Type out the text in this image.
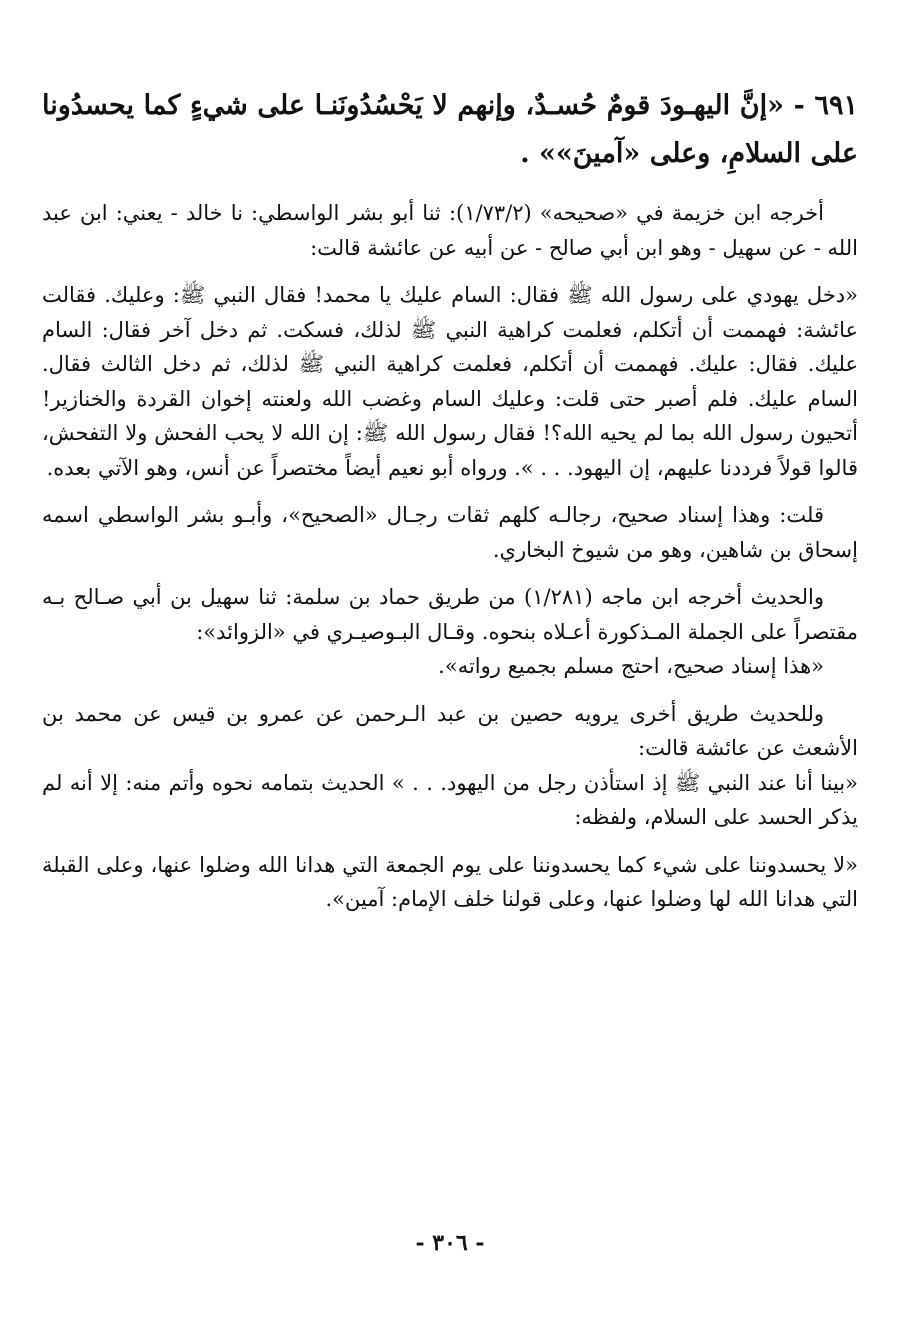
٦٩١ - «إنَّ اليهـودَ قومٌ حُسـدٌ، وإنهم لا يَحْسُدُونَنـا على شيءٍ كما يحسدُونا على السلامِ، وعلى «آمينَ»» .

أخرجه ابن خزيمة في «صحيحه» (١/٧٣/٢): ثنا أبو بشر الواسطي: نا خالد - يعني: ابن عبد الله - عن سهيل - وهو ابن أبي صالح - عن أبيه عن عائشة قالت:

«دخل يهودي على رسول الله ﷺ فقال: السام عليك يا محمد! فقال النبي ﷺ: وعليك. فقالت عائشة: فهممت أن أتكلم، فعلمت كراهية النبي ﷺ لذلك، فسكت. ثم دخل آخر فقال: السام عليك. فقال: عليك. فهممت أن أتكلم، فعلمت كراهية النبي ﷺ لذلك، ثم دخل الثالث فقال. السام عليك. فلم أصبر حتى قلت: وعليك السام وغضب الله ولعنته إخوان القردة والخنازير! أتحيون رسول الله بما لم يحيه الله؟! فقال رسول الله ﷺ: إن الله لا يحب الفحش ولا التفحش، قالوا قولاً فرددنا عليهم، إن اليهود. . . ». ورواه أبو نعيم أيضاً مختصراً عن أنس، وهو الآتي بعده.

قلت: وهذا إسناد صحيح، رجالـه كلهم ثقات رجـال «الصحيح»، وأبـو بشر الواسطي اسمه إسحاق بن شاهين، وهو من شيوخ البخاري.

والحديث أخرجه ابن ماجه (١/٢٨١) من طريق حماد بن سلمة: ثنا سهيل بن أبي صـالح بـه مقتصراً على الجملة المـذكورة أعـلاه بنحوه. وقـال البـوصيـري في «الزوائد»:

«هذا إسناد صحيح، احتج مسلم بجميع رواته».

وللحديث طريق أخرى يرويه حصين بن عبد الـرحمن عن عمرو بن قيس عن محمد بن الأشعث عن عائشة قالت:

«بينا أنا عند النبي ﷺ إذ استأذن رجل من اليهود. . . » الحديث بتمامه نحوه وأتم منه: إلا أنه لم يذكر الحسد على السلام، ولفظه:

«لا يحسدوننا على شيء كما يحسدوننا على يوم الجمعة التي هدانا الله وضلوا عنها، وعلى القبلة التي هدانا الله لها وضلوا عنها، وعلى قولنا خلف الإمام: آمين».

- ٣٠٦ -
